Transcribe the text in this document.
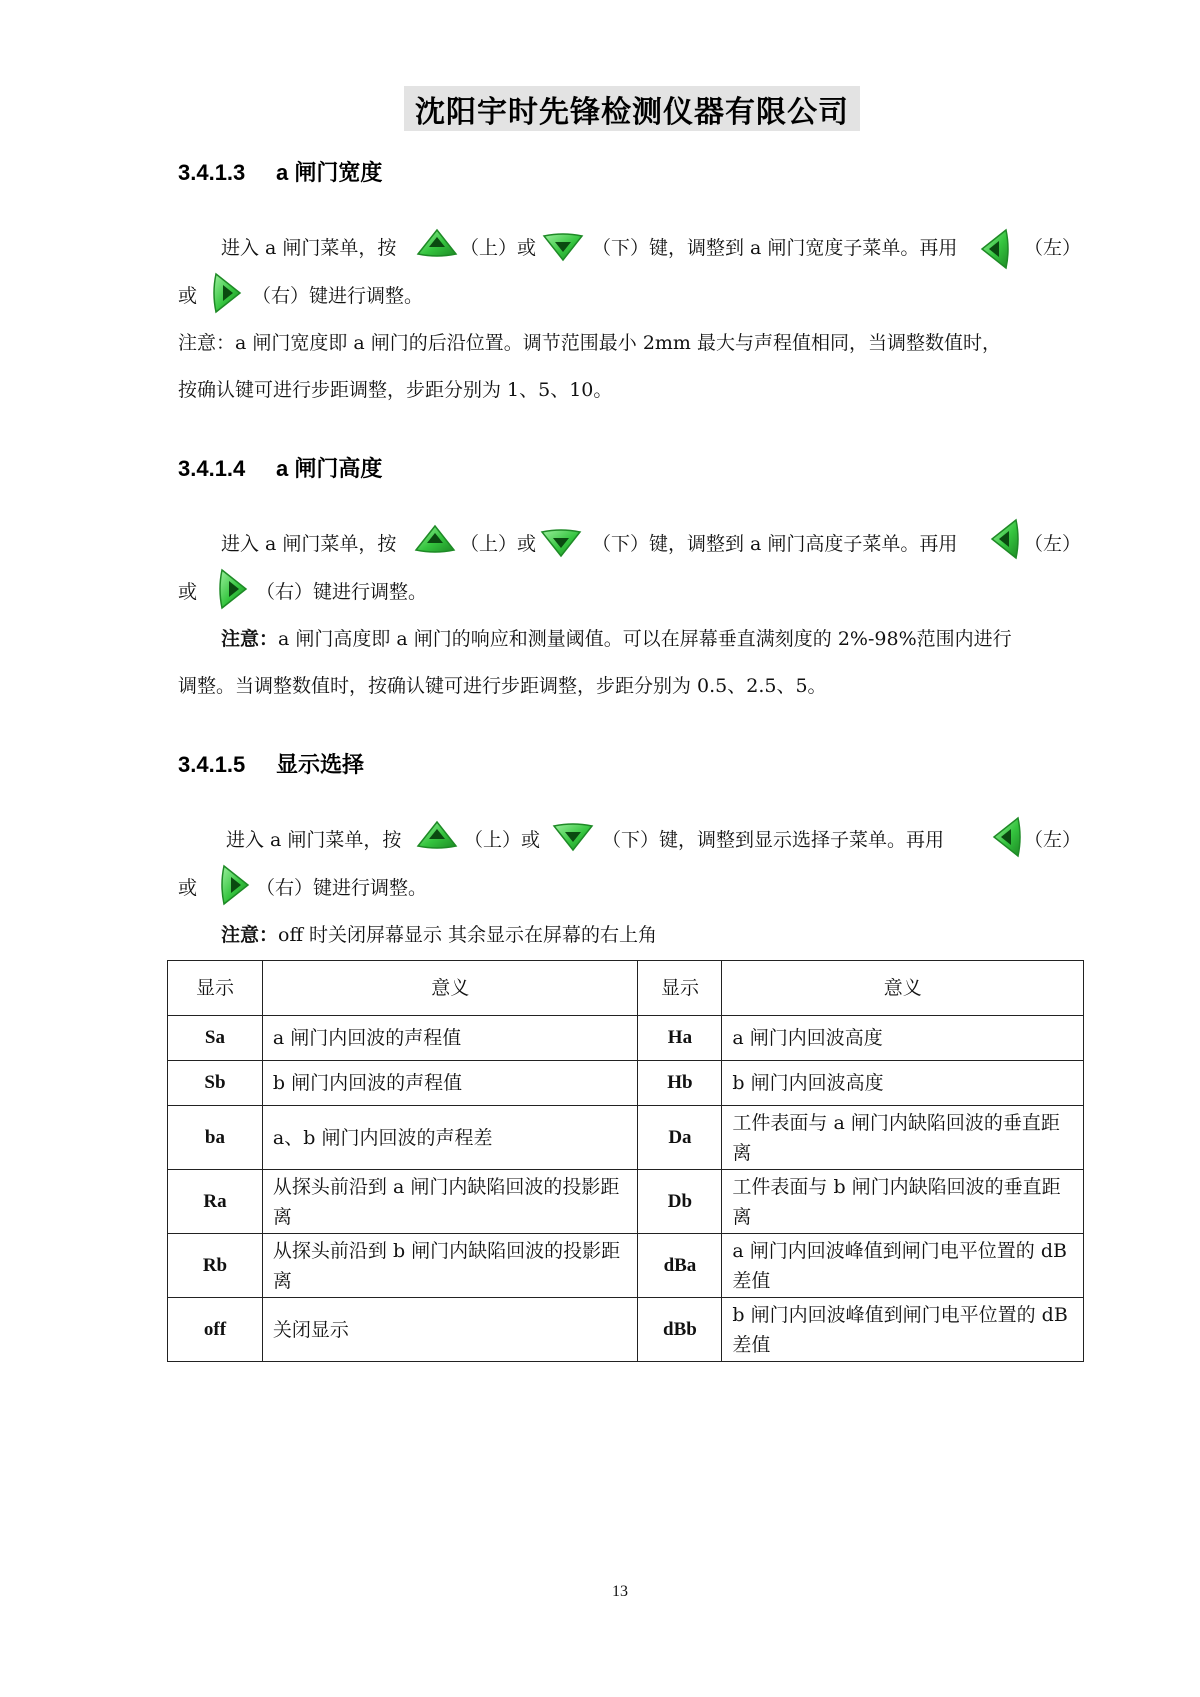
沈阳宇时先锋检测仪器有限公司
3.4.1.3 a 闸门宽度
进入 a 闸门菜单，按	（上）或	（下）键，调整到 a 闸门宽度子菜单。再用	（左）
或	（右）键进行调整。
注意：a 闸门宽度即 a 闸门的后沿位置。调节范围最小 2mm 最大与声程值相同，当调整数值时，
按确认键可进行步距调整，步距分别为 1、5、10。
3.4.1.4 a 闸门高度
进入 a 闸门菜单，按	（上）或	（下）键，调整到 a 闸门高度子菜单。再用	（左）
或	（右）键进行调整。
注意：a 闸门高度即 a 闸门的响应和测量阈值。可以在屏幕垂直满刻度的 2%-98%范围内进行
调整。当调整数值时，按确认键可进行步距调整，步距分别为 0.5、2.5、5。
3.4.1.5 显示选择
进入 a 闸门菜单，按	（上）或	（下）键，调整到显示选择子菜单。再用	（左）
或	（右）键进行调整。
注意：off 时关闭屏幕显示 其余显示在屏幕的右上角
显示	意义	显示	意义
Sa	a 闸门内回波的声程值	Ha	a 闸门内回波高度
Sb	b 闸门内回波的声程值	Hb	b 闸门内回波高度
ba	a、b 闸门内回波的声程差	Da	工件表面与 a 闸门内缺陷回波的垂直距离
Ra	从探头前沿到 a 闸门内缺陷回波的投影距离	Db	工件表面与 b 闸门内缺陷回波的垂直距离
Rb	从探头前沿到 b 闸门内缺陷回波的投影距离	dBa	a 闸门内回波峰值到闸门电平位置的 dB 差值
off	关闭显示	dBb	b 闸门内回波峰值到闸门电平位置的 dB 差值
13
